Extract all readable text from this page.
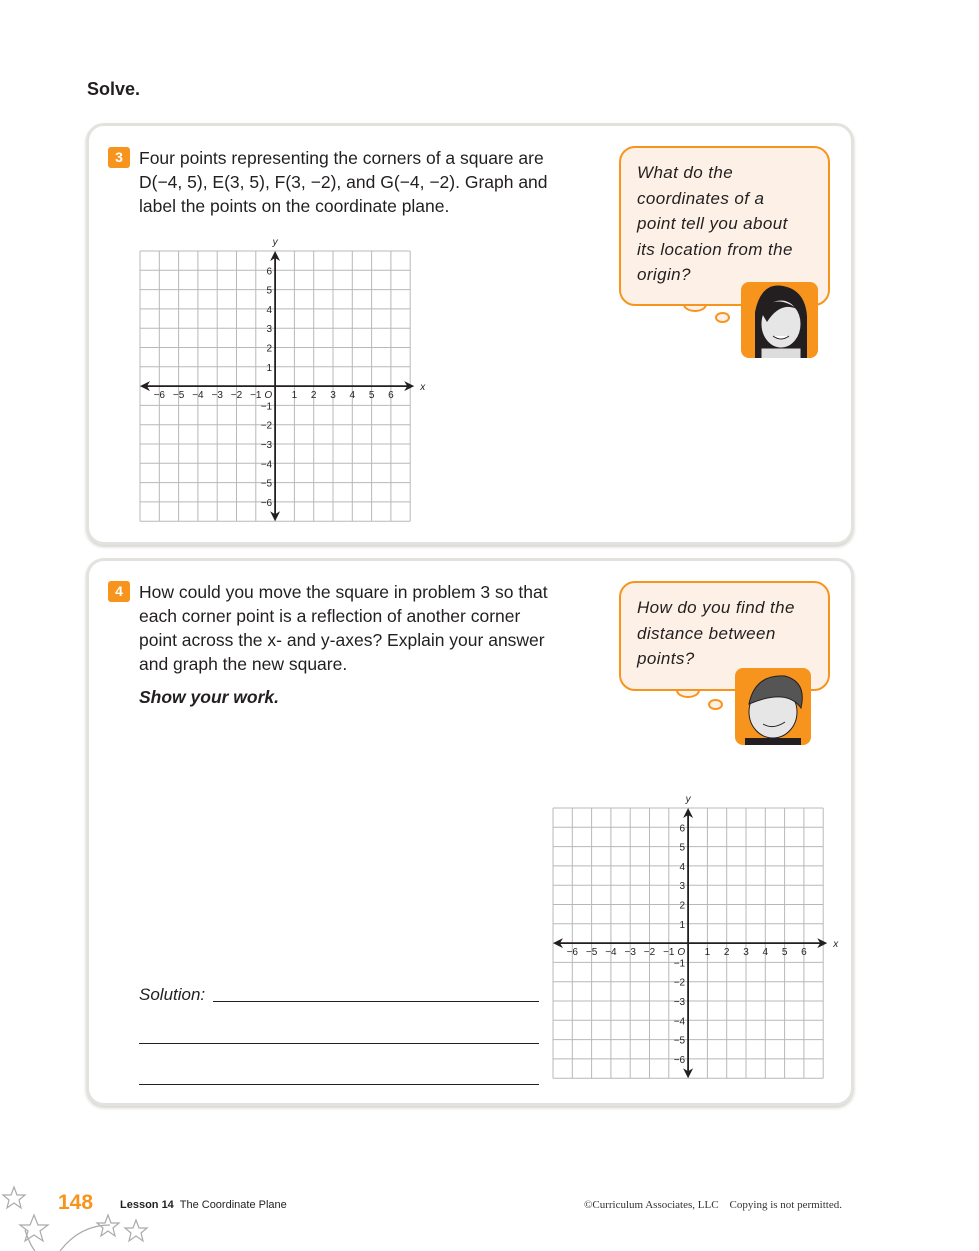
Solve.
3 Four points representing the corners of a square are
D(−4, 5), E(3, 5), F(3, −2), and G(−4, −2). Graph and
label the points on the coordinate plane.
−6 −5 −4 −3 −2 −1	1 2 3 4 5 6
−6
−5
−4
−3
−2
−1
1
2
3
4
5
6
O
x
y
What do the
coordinates of a
point tell you about
its location from the
origin?
4 How could you move the square in problem 3 so that
each corner point is a reflection of another corner
point across the x- and y-axes? Explain your answer
and graph the new square.
Show your work.
How do you find the
distance between
points?
Solution:
−6 −5 −4 −3 −2 −1	1 2 3 4 5 6
−6
−5
−4
−3
−2
−1
1
2
3
4
5
6
O
x
y
148 Lesson 14 The Coordinate Plane	©Curriculum Associates, LLC Copying is not permitted.
